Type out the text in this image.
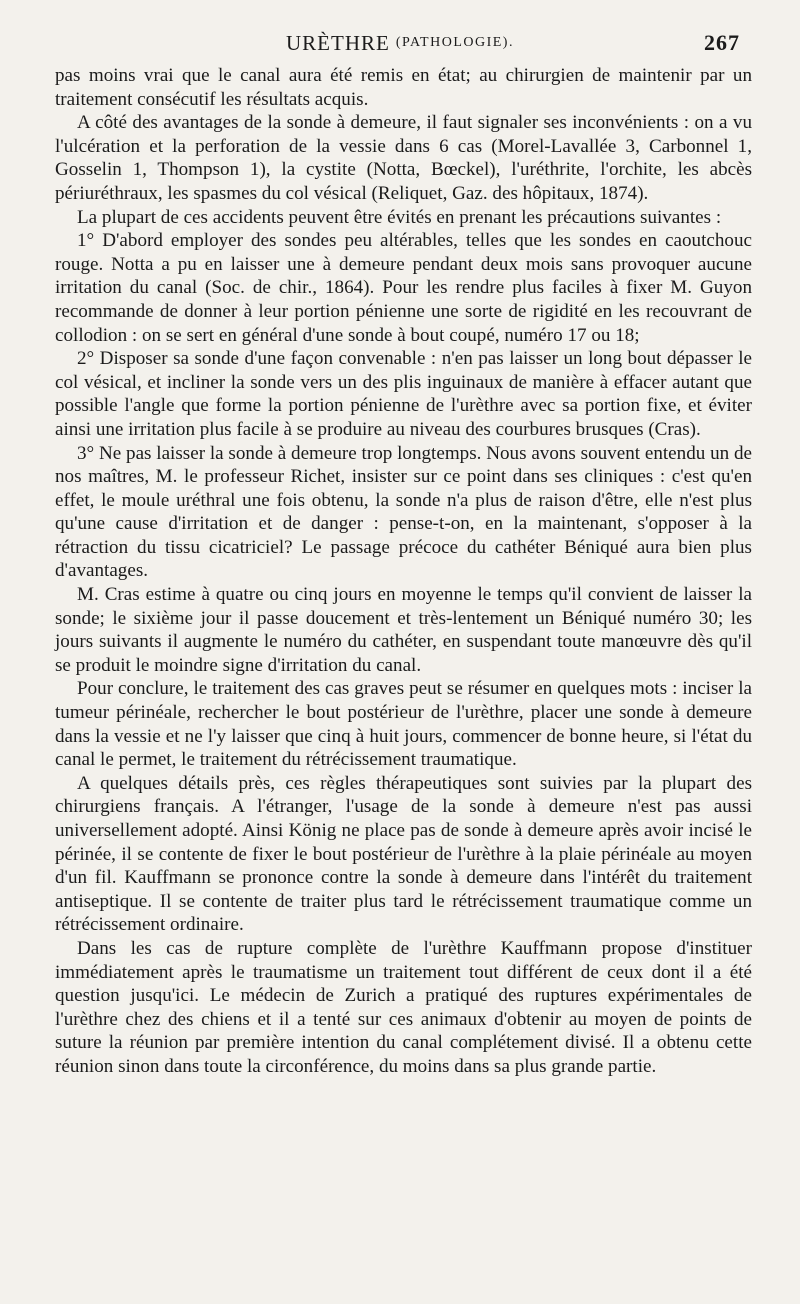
URÈTHRE (PATHOLOGIE).	267

pas moins vrai que le canal aura été remis en état; au chirurgien de maintenir par un traitement consécutif les résultats acquis.

A côté des avantages de la sonde à demeure, il faut signaler ses inconvénients : on a vu l'ulcération et la perforation de la vessie dans 6 cas (Morel-Lavallée 3, Carbonnel 1, Gosselin 1, Thompson 1), la cystite (Notta, Bœckel), l'uréthrite, l'orchite, les abcès périuréthraux, les spasmes du col vésical (Reliquet, Gaz. des hôpitaux, 1874).

La plupart de ces accidents peuvent être évités en prenant les précautions suivantes :

1° D'abord employer des sondes peu altérables, telles que les sondes en caoutchouc rouge. Notta a pu en laisser une à demeure pendant deux mois sans provoquer aucune irritation du canal (Soc. de chir., 1864). Pour les rendre plus faciles à fixer M. Guyon recommande de donner à leur portion pénienne une sorte de rigidité en les recouvrant de collodion : on se sert en général d'une sonde à bout coupé, numéro 17 ou 18;

2° Disposer sa sonde d'une façon convenable : n'en pas laisser un long bout dépasser le col vésical, et incliner la sonde vers un des plis inguinaux de manière à effacer autant que possible l'angle que forme la portion pénienne de l'urèthre avec sa portion fixe, et éviter ainsi une irritation plus facile à se produire au niveau des courbures brusques (Cras).

3° Ne pas laisser la sonde à demeure trop longtemps. Nous avons souvent entendu un de nos maîtres, M. le professeur Richet, insister sur ce point dans ses cliniques : c'est qu'en effet, le moule uréthral une fois obtenu, la sonde n'a plus de raison d'être, elle n'est plus qu'une cause d'irritation et de danger : pense-t-on, en la maintenant, s'opposer à la rétraction du tissu cicatriciel? Le passage précoce du cathéter Béniqué aura bien plus d'avantages.

M. Cras estime à quatre ou cinq jours en moyenne le temps qu'il convient de laisser la sonde; le sixième jour il passe doucement et très-lentement un Béniqué numéro 30; les jours suivants il augmente le numéro du cathéter, en suspendant toute manœuvre dès qu'il se produit le moindre signe d'irritation du canal.

Pour conclure, le traitement des cas graves peut se résumer en quelques mots : inciser la tumeur périnéale, rechercher le bout postérieur de l'urèthre, placer une sonde à demeure dans la vessie et ne l'y laisser que cinq à huit jours, commencer de bonne heure, si l'état du canal le permet, le traitement du rétrécissement traumatique.

A quelques détails près, ces règles thérapeutiques sont suivies par la plupart des chirurgiens français. A l'étranger, l'usage de la sonde à demeure n'est pas aussi universellement adopté. Ainsi König ne place pas de sonde à demeure après avoir incisé le périnée, il se contente de fixer le bout postérieur de l'urèthre à la plaie périnéale au moyen d'un fil. Kauffmann se prononce contre la sonde à demeure dans l'intérêt du traitement antiseptique. Il se contente de traiter plus tard le rétrécissement traumatique comme un rétrécissement ordinaire.

Dans les cas de rupture complète de l'urèthre Kauffmann propose d'instituer immédiatement après le traumatisme un traitement tout différent de ceux dont il a été question jusqu'ici. Le médecin de Zurich a pratiqué des ruptures expérimentales de l'urèthre chez des chiens et il a tenté sur ces animaux d'obtenir au moyen de points de suture la réunion par première intention du canal complétement divisé. Il a obtenu cette réunion sinon dans toute la circonférence, du moins dans sa plus grande partie.
